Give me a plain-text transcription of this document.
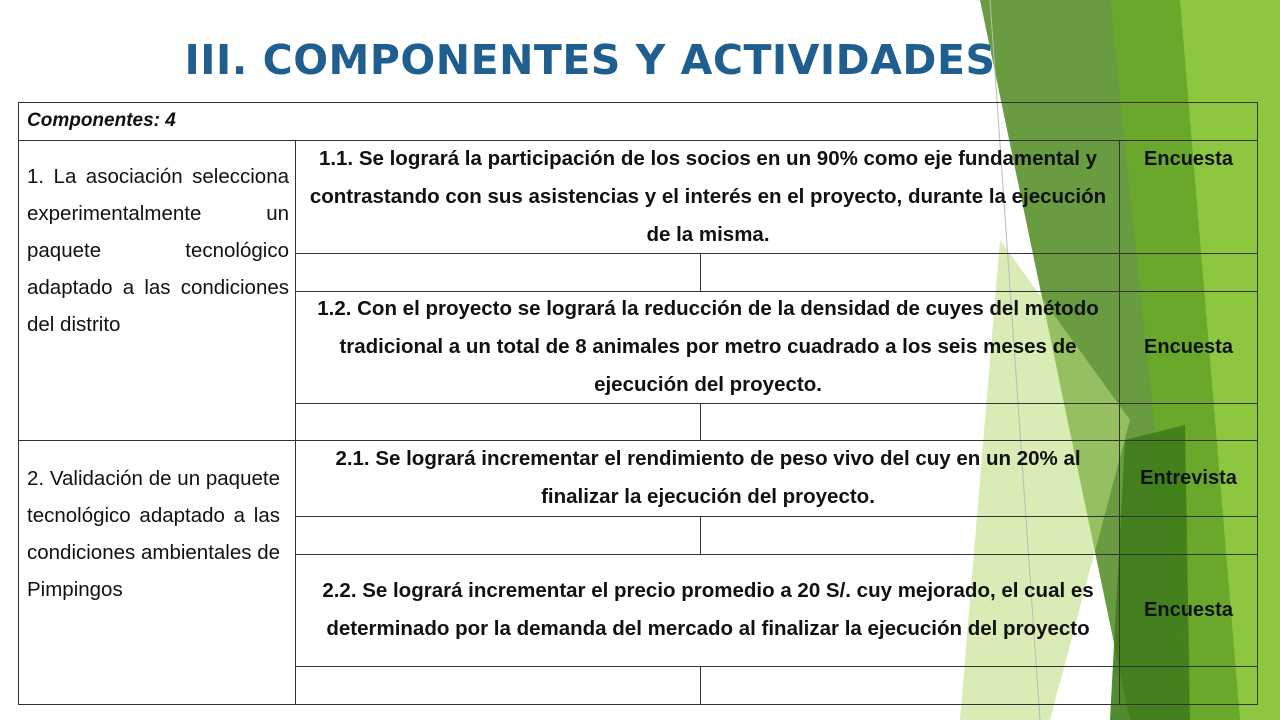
III. COMPONENTES Y ACTIVIDADES
Componentes: 4
1. La asociación selecciona experimentalmente un paquete tecnológico adaptado a las condiciones del distrito
1.1. Se logrará la participación de los socios en un 90% como eje fundamental y contrastando con sus asistencias y el interés en el proyecto, durante la ejecución de la misma.
Encuesta
1.2. Con el proyecto se logrará la reducción de la densidad de cuyes del método tradicional a un total de 8 animales por metro cuadrado a los seis meses de ejecución del proyecto.
Encuesta
2. Validación de un paquete tecnológico adaptado a las condiciones ambientales de Pimpingos
2.1. Se logrará incrementar el rendimiento de peso vivo del cuy en un 20% al finalizar la ejecución del proyecto.
Entrevista
2.2. Se logrará incrementar el precio promedio a 20 S/. cuy mejorado, el cual es determinado por la demanda del mercado al finalizar la ejecución del proyecto
Encuesta
